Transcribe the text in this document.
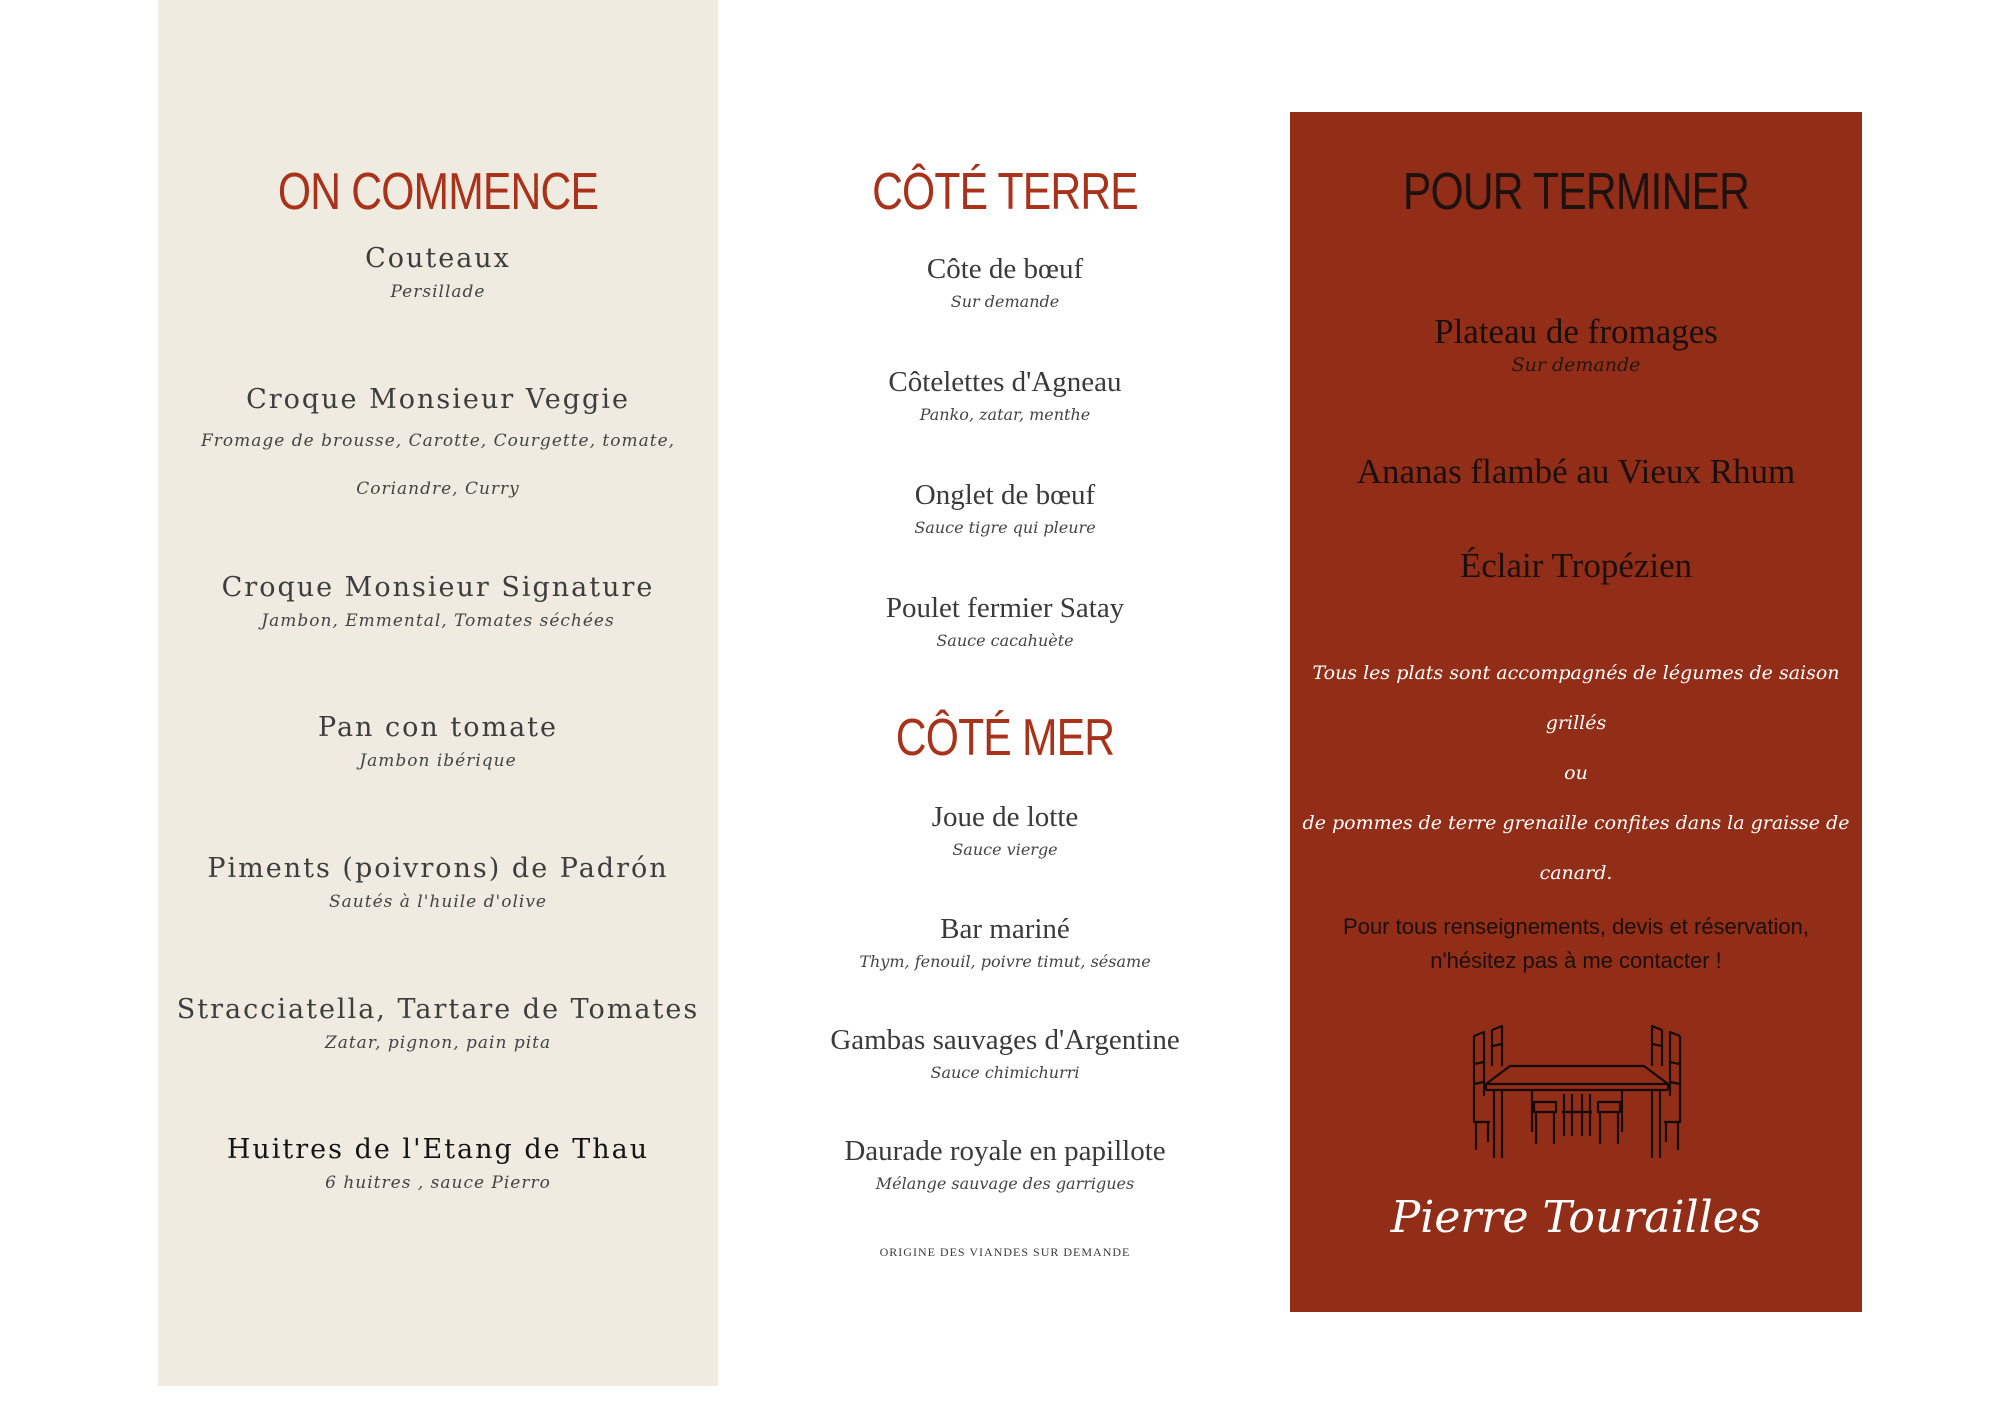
ON COMMENCE
Couteaux
Persillade
Croque Monsieur Veggie
Fromage de brousse, Carotte, Courgette, tomate, Coriandre, Curry
Croque Monsieur Signature
Jambon, Emmental, Tomates séchées
Pan con tomate
Jambon ibérique
Piments (poivrons) de Padrón
Sautés à l'huile d'olive
Stracciatella, Tartare de Tomates
Zatar, pignon, pain pita
Huitres de l'Etang de Thau
6 huitres , sauce Pierro
CÔTÉ TERRE
Côte de bœuf
Sur demande
Côtelettes d'Agneau
Panko, zatar, menthe
Onglet de bœuf
Sauce tigre qui pleure
Poulet fermier Satay
Sauce cacahuète
CÔTÉ MER
Joue de lotte
Sauce vierge
Bar mariné
Thym, fenouil, poivre timut, sésame
Gambas sauvages d'Argentine
Sauce chimichurri
Daurade royale en papillote
Mélange sauvage des garrigues
ORIGINE DES VIANDES SUR DEMANDE
POUR TERMINER
Plateau de fromages
Sur demande
Ananas flambé au Vieux Rhum
Éclair Tropézien
Tous les plats sont accompagnés de légumes de saison grillés
ou
de pommes de terre grenaille confites dans la graisse de
canard.
Pour tous renseignements, devis et réservation,
n'hésitez pas à me contacter !
Pierre Tourailles
